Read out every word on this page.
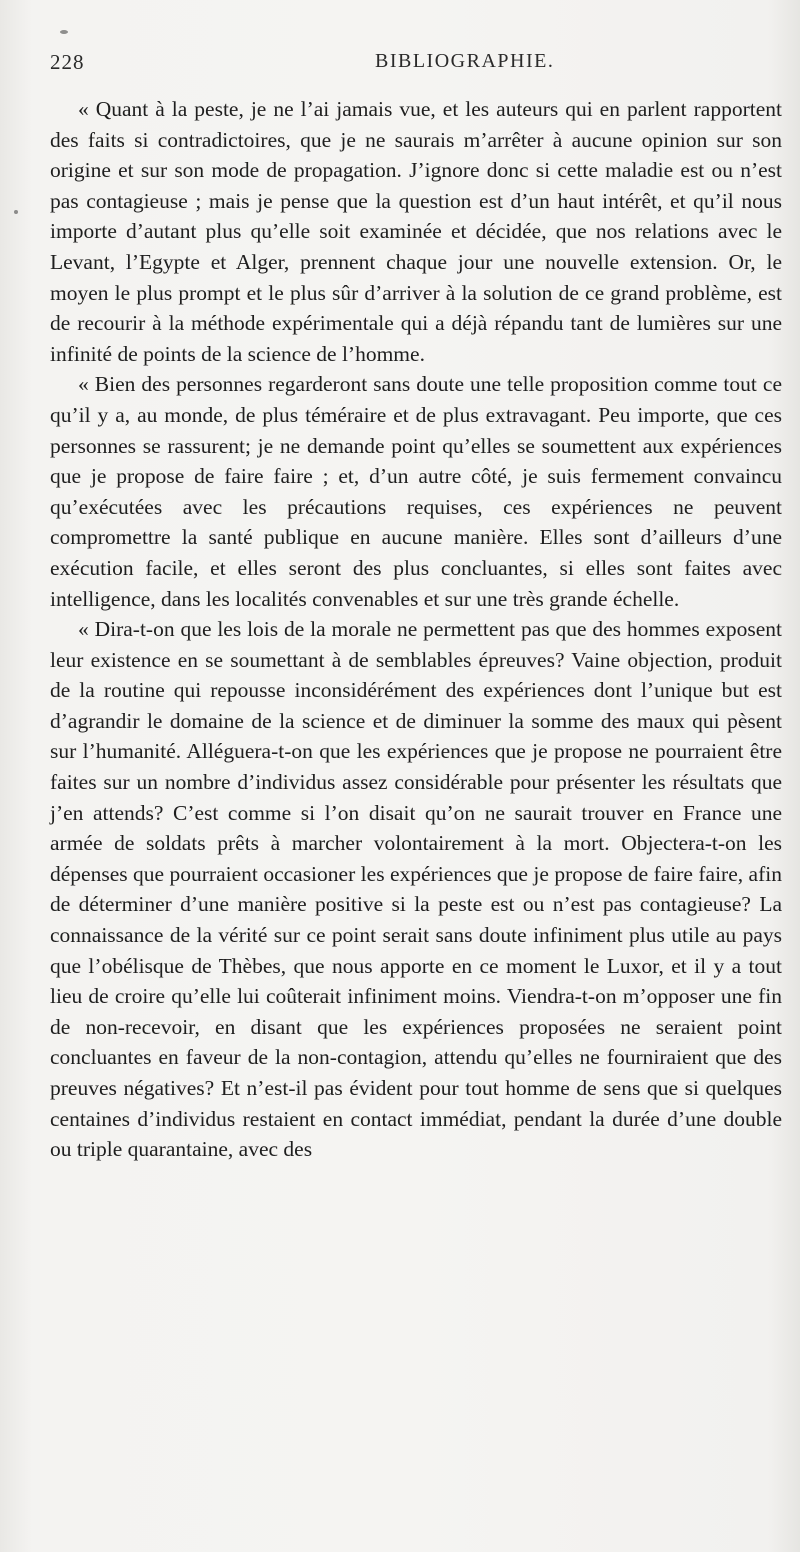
228	BIBLIOGRAPHIE.

« Quant à la peste, je ne l’ai jamais vue, et les auteurs qui en parlent rapportent des faits si contradictoires, que je ne saurais m’arrêter à aucune opinion sur son origine et sur son mode de propagation. J’ignore donc si cette maladie est ou n’est pas contagieuse ; mais je pense que la question est d’un haut intérêt, et qu’il nous importe d’autant plus qu’elle soit examinée et décidée, que nos relations avec le Levant, l’Egypte et Alger, prennent chaque jour une nouvelle extension. Or, le moyen le plus prompt et le plus sûr d’arriver à la solution de ce grand problème, est de recourir à la méthode expérimentale qui a déjà répandu tant de lumières sur une infinité de points de la science de l’homme.

« Bien des personnes regarderont sans doute une telle proposition comme tout ce qu’il y a, au monde, de plus téméraire et de plus extravagant. Peu importe, que ces personnes se rassurent; je ne demande point qu’elles se soumettent aux expériences que je propose de faire faire ; et, d’un autre côté, je suis fermement convaincu qu’exécutées avec les précautions requises, ces expériences ne peuvent compromettre la santé publique en aucune manière. Elles sont d’ailleurs d’une exécution facile, et elles seront des plus concluantes, si elles sont faites avec intelligence, dans les localités convenables et sur une très grande échelle.

« Dira-t-on que les lois de la morale ne permettent pas que des hommes exposent leur existence en se soumettant à de semblables épreuves? Vaine objection, produit de la routine qui repousse inconsidérément des expériences dont l’unique but est d’agrandir le domaine de la science et de diminuer la somme des maux qui pèsent sur l’humanité. Alléguera-t-on que les expériences que je propose ne pourraient être faites sur un nombre d’individus assez considérable pour présenter les résultats que j’en attends? C’est comme si l’on disait qu’on ne saurait trouver en France une armée de soldats prêts à marcher volontairement à la mort. Objectera-t-on les dépenses que pourraient occasioner les expériences que je propose de faire faire, afin de déterminer d’une manière positive si la peste est ou n’est pas contagieuse? La connaissance de la vérité sur ce point serait sans doute infiniment plus utile au pays que l’obélisque de Thèbes, que nous apporte en ce moment le Luxor, et il y a tout lieu de croire qu’elle lui coûterait infiniment moins. Viendra-t-on m’opposer une fin de non-recevoir, en disant que les expériences proposées ne seraient point concluantes en faveur de la non-contagion, attendu qu’elles ne fourniraient que des preuves négatives? Et n’est-il pas évident pour tout homme de sens que si quelques centaines d’individus restaient en contact immédiat, pendant la durée d’une double ou triple quarantaine, avec des
